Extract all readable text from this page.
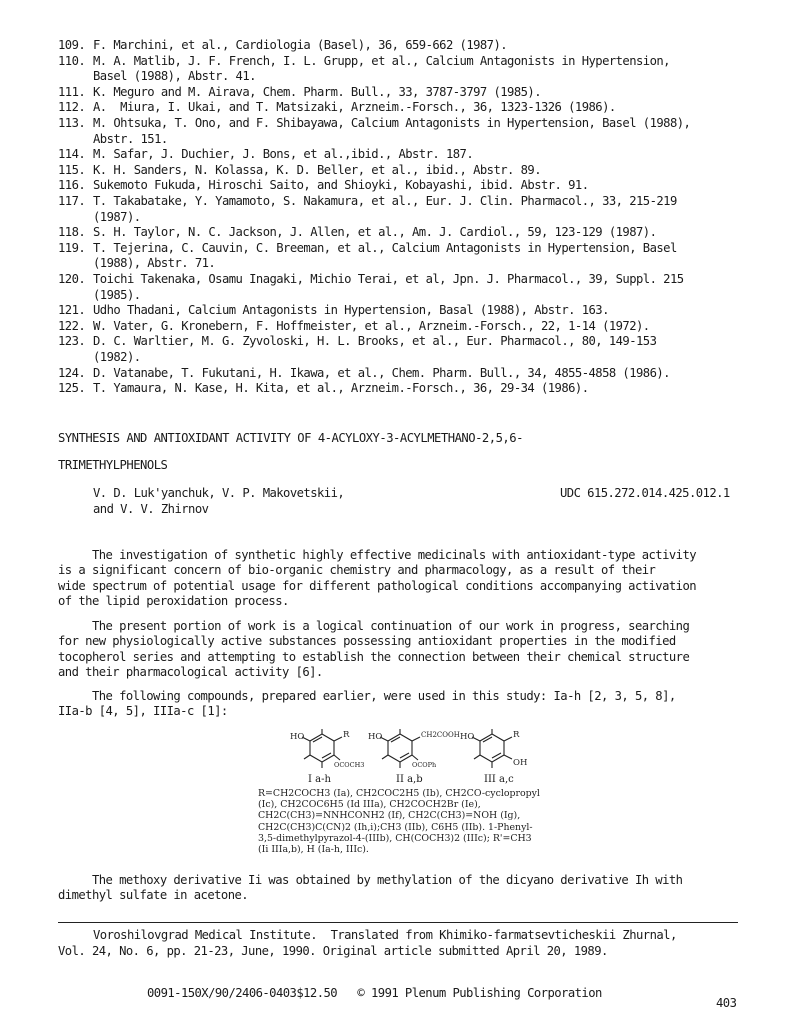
109. F. Marchini, et al., Cardiologia (Basel), 36, 659-662 (1987).
110. M. A. Matlib, J. F. French, I. L. Grupp, et al., Calcium Antagonists in Hypertension,
Basel (1988), Abstr. 41.
111. K. Meguro and M. Airava, Chem. Pharm. Bull., 33, 3787-3797 (1985).
112. A.  Miura, I. Ukai, and T. Matsizaki, Arzneim.-Forsch., 36, 1323-1326 (1986).
113. M. Ohtsuka, T. Ono, and F. Shibayawa, Calcium Antagonists in Hypertension, Basel (1988),
Abstr. 151.
114. M. Safar, J. Duchier, J. Bons, et al.,ibid., Abstr. 187.
115. K. H. Sanders, N. Kolassa, K. D. Beller, et al., ibid., Abstr. 89.
116. Sukemoto Fukuda, Hiroschi Saito, and Shioyki, Kobayashi, ibid. Abstr. 91.
117. T. Takabatake, Y. Yamamoto, S. Nakamura, et al., Eur. J. Clin. Pharmacol., 33, 215-219
(1987).
118. S. H. Taylor, N. C. Jackson, J. Allen, et al., Am. J. Cardiol., 59, 123-129 (1987).
119. T. Tejerina, C. Cauvin, C. Breeman, et al., Calcium Antagonists in Hypertension, Basel
(1988), Abstr. 71.
120. Toichi Takenaka, Osamu Inagaki, Michio Terai, et al, Jpn. J. Pharmacol., 39, Suppl. 215
(1985).
121. Udho Thadani, Calcium Antagonists in Hypertension, Basal (1988), Abstr. 163.
122. W. Vater, G. Kronebern, F. Hoffmeister, et al., Arzneim.-Forsch., 22, 1-14 (1972).
123. D. C. Warltier, M. G. Zyvoloski, H. L. Brooks, et al., Eur. Pharmacol., 80, 149-153
(1982).
124. D. Vatanabe, T. Fukutani, H. Ikawa, et al., Chem. Pharm. Bull., 34, 4855-4858 (1986).
125. T. Yamaura, N. Kase, H. Kita, et al., Arzneim.-Forsch., 36, 29-34 (1986).
SYNTHESIS AND ANTIOXIDANT ACTIVITY OF 4-ACYLOXY-3-ACYLMETHANO-2,5,6-
TRIMETHYLPHENOLS
V. D. Luk'yanchuk, V. P. Makovetskii,
and V. V. Zhirnov
UDC 615.272.014.425.012.1
The investigation of synthetic highly effective medicinals with antioxidant-type activity
is a significant concern of bio-organic chemistry and pharmacology, as a result of their
wide spectrum of potential usage for different pathological conditions accompanying activation
of the lipid peroxidation process.
The present portion of work is a logical continuation of our work in progress, searching
for new physiologically active substances possessing antioxidant properties in the modified
tocopherol series and attempting to establish the connection between their chemical structure
and their pharmacological activity [6].
The following compounds, prepared earlier, were used in this study: Ia-h [2, 3, 5, 8],
IIa-b [4, 5], IIIa-c [1]:
HO	R
OCOCH3
HO	CH2COOH
OCOPh
HO	R
OH
I a-h	II a,b	III a,c
R=CH2COCH3 (Ia), CH2COC2H5 (Ib), CH2CO-cyclopropyl
(Ic), CH2COC6H5 (Id IIIa), CH2COCH2Br (Ie),
CH2C(CH3)=NNHCONH2 (If), CH2C(CH3)=NOH (Ig),
CH2C(CH3)C(CN)2 (Ih,i);CH3 (IIb), C6H5 (IIb). 1-Phenyl-
3,5-dimethylpyrazol-4-(IIIb), CH(COCH3)2 (IIIc); R'=CH3
(Ii IIIa,b), H (Ia-h, IIIc).
The methoxy derivative Ii was obtained by methylation of the dicyano derivative Ih with
dimethyl sulfate in acetone.
Voroshilovgrad Medical Institute.  Translated from Khimiko-farmatsevticheskii Zhurnal,
Vol. 24, No. 6, pp. 21-23, June, 1990. Original article submitted April 20, 1989.
0091-150X/90/2406-0403$12.50   © 1991 Plenum Publishing Corporation
403
